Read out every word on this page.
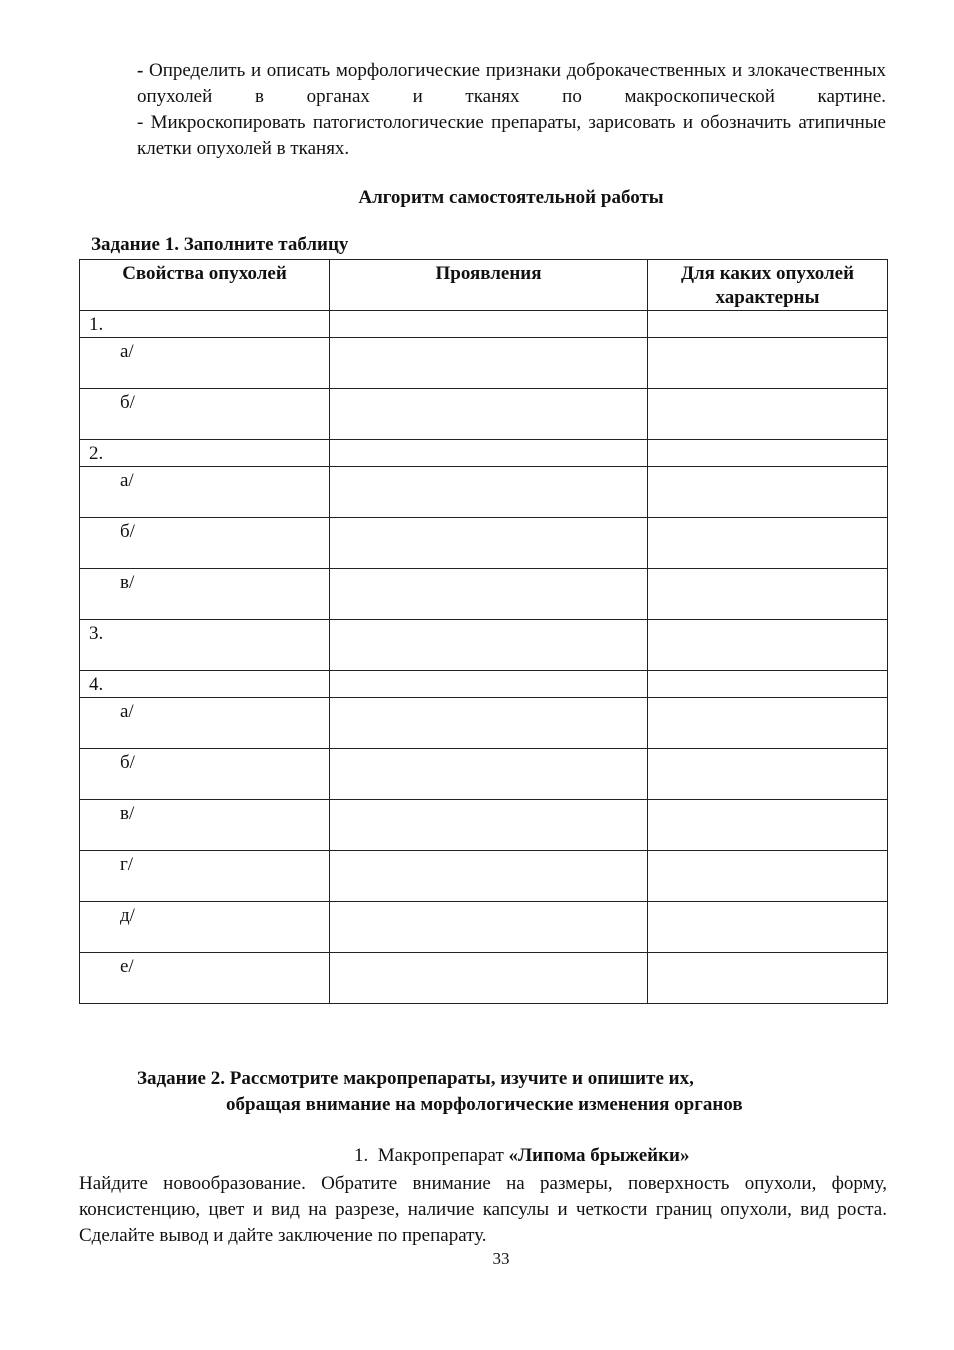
- Определить и описать морфологические признаки доброкачественных и злокачественных опухолей в органах и тканях по макроскопической картине.
- Микроскопировать патогистологические препараты, зарисовать и обозначить атипичные клетки опухолей в тканях.
Алгоритм самостоятельной работы
Задание 1. Заполните таблицу
Свойства опухолей	Проявления	Для каких опухолей характерны
1.		
а/		
б/		
2.		
а/		
б/		
в/		
3.		
4.		
а/		
б/		
в/		
г/		
д/		
е/		
Задание 2. Рассмотрите макропрепараты, изучите и опишите их,
обращая внимание на морфологические изменения органов
1. Макропрепарат «Липома брыжейки»
Найдите новообразование. Обратите внимание на размеры, поверхность опухоли, форму, консистенцию, цвет и вид на разрезе, наличие капсулы и четкости границ опухоли, вид роста. Сделайте вывод и дайте заключение по препарату.
33
